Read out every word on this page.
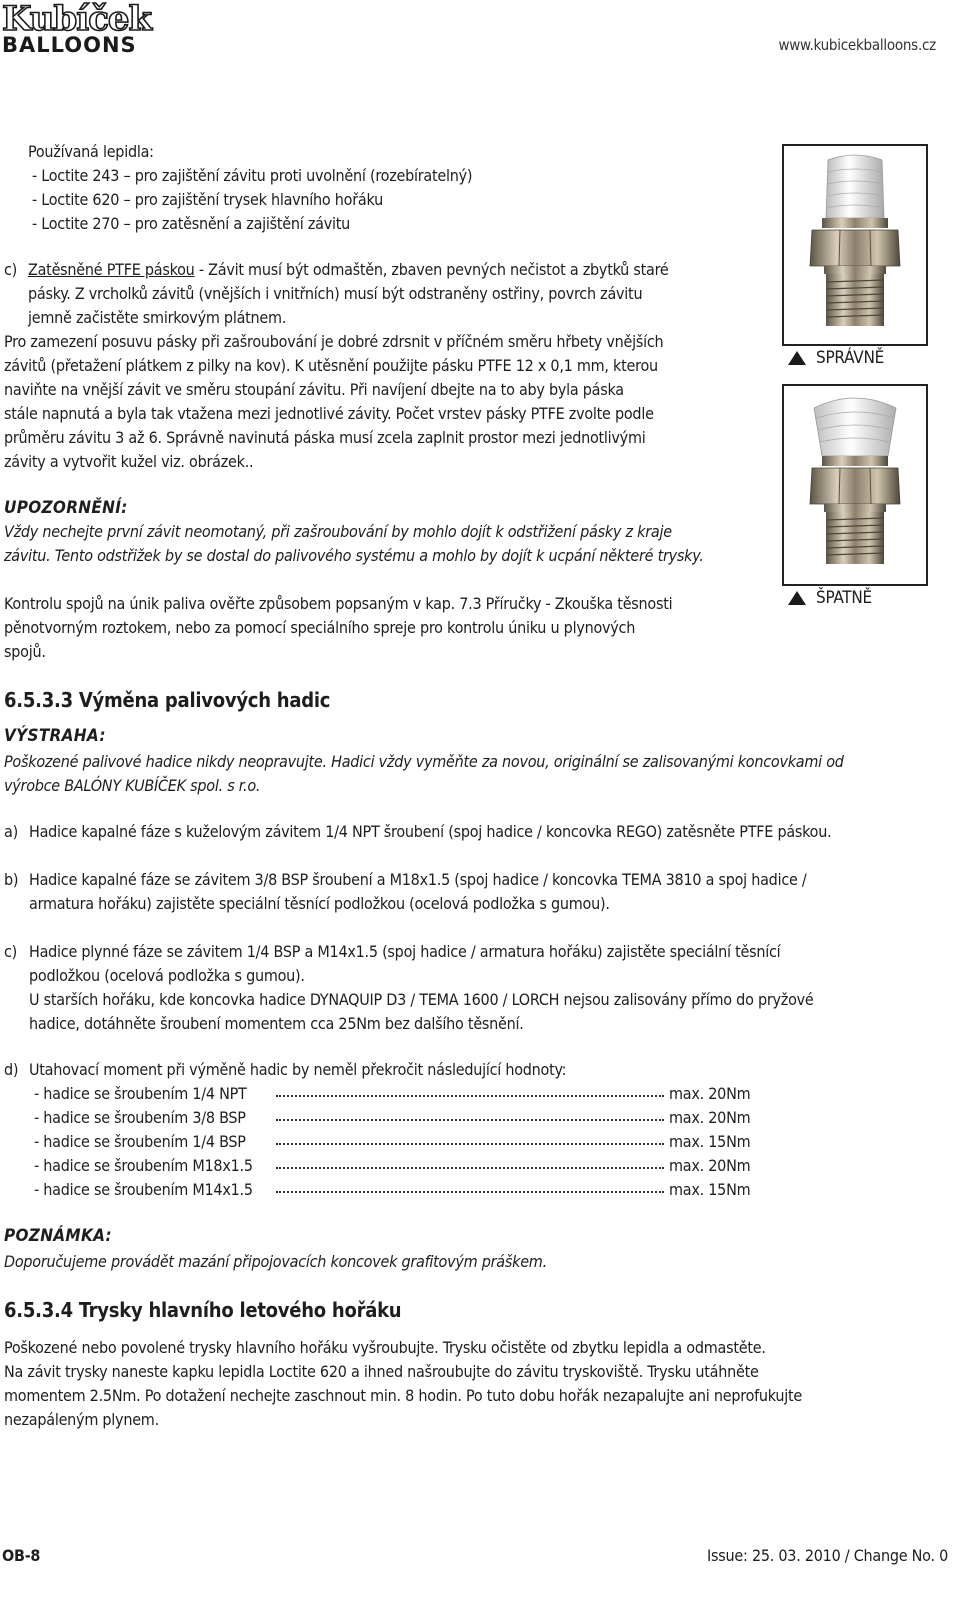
Kubíček
BALLOONS	www.kubicekballoons.cz
Používaná lepidla:
- Loctite 243 – pro zajištění závitu proti uvolnění (rozebíratelný)
- Loctite 620 – pro zajištění trysek hlavního hořáku
- Loctite 270 – pro zatěsnění a zajištění závitu
c) Zatěsněné PTFE páskou - Závit musí být odmaštěn, zbaven pevných nečistot a zbytků staré
pásky. Z vrcholků závitů (vnějších i vnitřních) musí být odstraněny ostřiny, povrch závitu
jemně začistěte smirkovým plátnem.
Pro zamezení posuvu pásky při zašroubování je dobré zdrsnit v příčném směru hřbety vnějších
závitů (přetažení plátkem z pilky na kov). K utěsnění použijte pásku PTFE 12 x 0,1 mm, kterou
naviňte na vnější závit ve směru stoupání závitu. Při navíjení dbejte na to aby byla páska
stále napnutá a byla tak vtažena mezi jednotlivé závity. Počet vrstev pásky PTFE zvolte podle
průměru závitu 3 až 6. Správně navinutá páska musí zcela zaplnit prostor mezi jednotlivými
závity a vytvořit kužel viz. obrázek..
SPRÁVNĚ
ŠPATNĚ
UPOZORNĚNÍ:
Vždy nechejte první závit neomotaný, při zašroubování by mohlo dojít k odstřižení pásky z kraje
závitu. Tento odstřižek by se dostal do palivového systému a mohlo by dojít k ucpání některé trysky.
Kontrolu spojů na únik paliva ověřte způsobem popsaným v kap. 7.3 Příručky - Zkouška těsnosti
pěnotvorným roztokem, nebo za pomocí speciálního spreje pro kontrolu úniku u plynových
spojů.
6.5.3.3 Výměna palivových hadic
VÝSTRAHA:
Poškozené palivové hadice nikdy neopravujte. Hadici vždy vyměňte za novou, originální se zalisovanými koncovkami od
výrobce BALÓNY KUBÍČEK spol. s r.o.
a) Hadice kapalné fáze s kuželovým závitem 1/4 NPT šroubení (spoj hadice / koncovka REGO) zatěsněte PTFE páskou.
b) Hadice kapalné fáze se závitem 3/8 BSP šroubení a M18x1.5 (spoj hadice / koncovka TEMA 3810 a spoj hadice /
armatura hořáku) zajistěte speciální těsnící podložkou (ocelová podložka s gumou).
c) Hadice plynné fáze se závitem 1/4 BSP a M14x1.5 (spoj hadice / armatura hořáku) zajistěte speciální těsnící
podložkou (ocelová podložka s gumou).
U starších hořáku, kde koncovka hadice DYNAQUIP D3 / TEMA 1600 / LORCH nejsou zalisovány přímo do pryžové
hadice, dotáhněte šroubení momentem cca 25Nm bez dalšího těsnění.
d) Utahovací moment při výměně hadic by neměl překročit následující hodnoty:
- hadice se šroubením 1/4 NPT	max. 20Nm
- hadice se šroubením 3/8 BSP	max. 20Nm
- hadice se šroubením 1/4 BSP	max. 15Nm
- hadice se šroubením M18x1.5	max. 20Nm
- hadice se šroubením M14x1.5	max. 15Nm
POZNÁMKA:
Doporučujeme provádět mazání připojovacích koncovek grafitovým práškem.
6.5.3.4 Trysky hlavního letového hořáku
Poškozené nebo povolené trysky hlavního hořáku vyšroubujte. Trysku očistěte od zbytku lepidla a odmastěte.
Na závit trysky naneste kapku lepidla Loctite 620 a ihned našroubujte do závitu tryskoviště. Trysku utáhněte
momentem 2.5Nm. Po dotažení nechejte zaschnout min. 8 hodin. Po tuto dobu hořák nezapalujte ani neprofukujte
nezapáleným plynem.
OB-8	Issue: 25. 03. 2010 / Change No. 0
